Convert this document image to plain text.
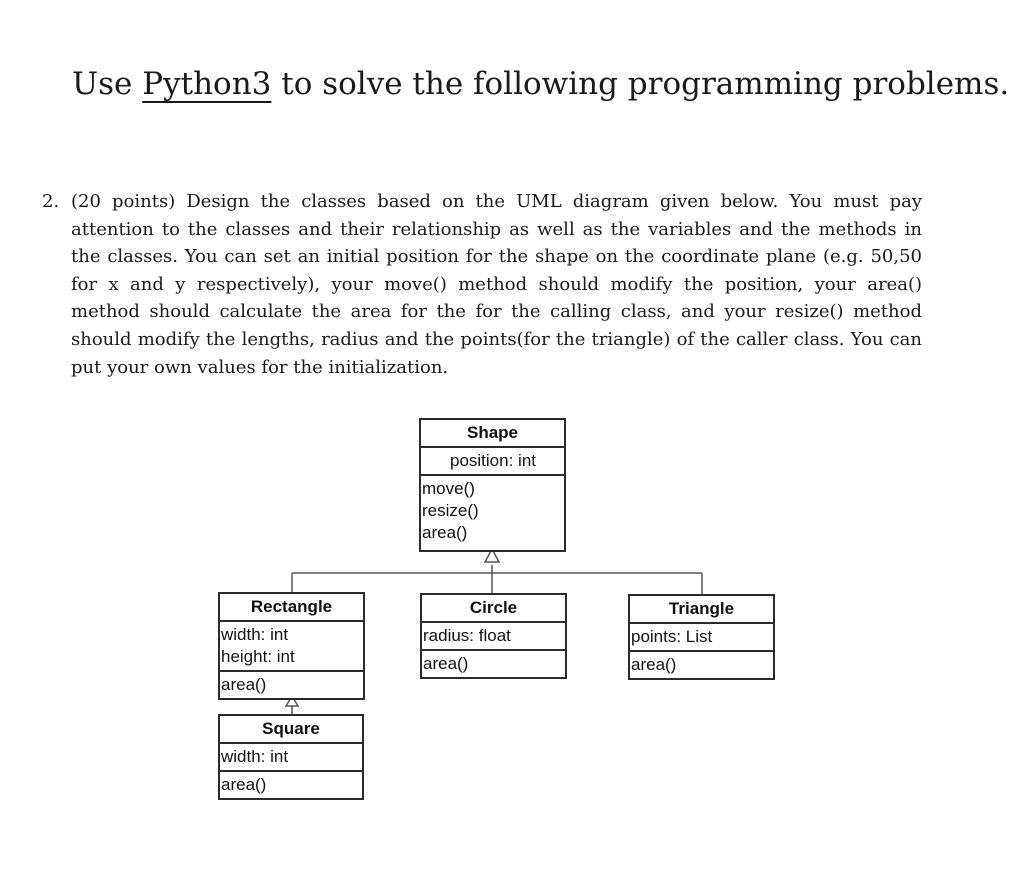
Use Python3 to solve the following programming problems.
2. (20 points) Design the classes based on the UML diagram given below. You must pay attention to the classes and their relationship as well as the variables and the methods in the classes. You can set an initial position for the shape on the coordinate plane (e.g. 50,50 for x and y respectively), your move() method should modify the position, your area() method should calculate the area for the for the calling class, and your resize() method should modify the lengths, radius and the points(for the triangle) of the caller class. You can put your own values for the initialization.
Shape
position: int
move()
resize()
area()
Rectangle
width: int
height: int
area()
Circle
radius: float
area()
Triangle
points: List
area()
Square
width: int
area()
